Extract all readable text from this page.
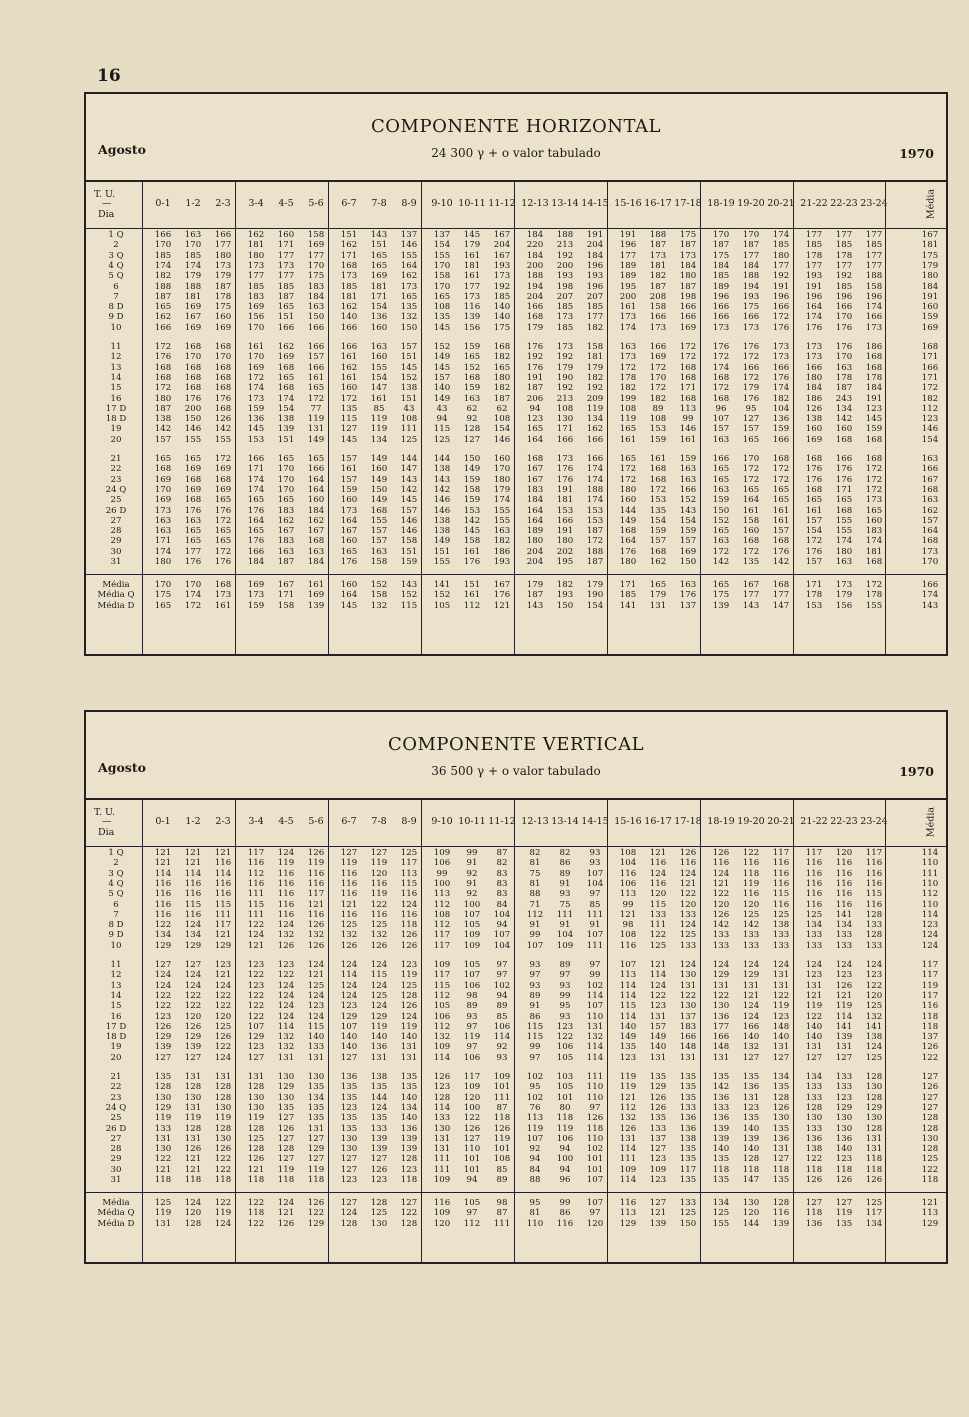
16
COMPONENTE HORIZONTAL
24 300 γ + o valor tabulado
Agosto	1970
T. U.
—
Dia
0-1	1-2	2-3	3-4	4-5	5-6	6-7	7-8	8-9	9-10 10-11 11-12 12-13 13-14 14-15 15-16 16-17 17-18 18-19 19-20 20-21 21-22 22-23 23-24	Média
1 Q	166	163	166	162	160	158	151	143	137	137	145	167	184	188	191	191	188	175	170	170	174	177	177	177	167
2	170	170	177	181	171	169	162	151	146	154	179	204	220	213	204	196	187	187	187	187	185	185	185	185	181
3 Q	185	185	180	180	177	177	171	165	155	155	161	167	184	192	184	177	173	173	175	177	180	178	178	177	175
4 Q	174	174	173	173	173	170	168	165	164	170	181	193	200	200	196	189	181	184	184	184	177	177	177	177	179
5 Q	182	179	179	177	177	175	173	169	162	158	161	173	188	193	193	189	182	180	185	188	192	193	192	188	180
6	188	188	187	185	185	183	185	181	173	170	177	192	194	198	196	195	187	187	189	194	191	191	185	158	184
7	187	181	178	183	187	184	181	171	165	165	173	185	204	207	207	200	208	198	196	193	196	196	196	196	191
8 D	165	169	175	169	165	163	162	154	135	108	116	140	166	185	185	161	158	166	166	175	166	164	166	174	160
9 D	162	167	160	156	151	150	140	136	132	135	139	140	168	173	177	173	166	166	166	166	172	174	170	166	159
10	166	169	169	170	166	166	166	160	150	145	156	175	179	185	182	174	173	169	173	173	176	176	176	173	169
11	172	168	168	161	162	166	166	163	157	152	159	168	176	173	158	163	166	172	176	176	173	173	176	186	168
12	176	170	170	170	169	157	161	160	151	149	165	182	192	192	181	173	169	172	172	172	173	173	170	168	171
13	168	168	168	169	168	166	162	155	145	145	152	165	176	179	179	172	172	168	174	166	166	166	163	168	166
14	168	168	168	172	165	161	161	154	152	157	168	180	191	190	182	178	170	168	168	172	176	180	178	178	171
15	172	168	168	174	168	165	160	147	138	140	159	182	187	192	192	182	172	171	172	179	174	184	187	184	172
16	180	176	176	173	174	172	172	161	151	149	163	187	206	213	209	199	182	168	168	176	182	186	243	191	182
17 D	187	200	168	159	154	77	135	85	43	43	62	62	94	108	119	108	89	113	96	95	104	126	134	123	112
18 D	138	150	126	136	138	119	115	119	108	94	92	108	123	130	134	119	108	99	107	127	136	138	142	145	123
19	142	146	142	145	139	131	127	119	111	115	128	154	165	171	162	165	153	146	157	157	159	160	160	159	146
20	157	155	155	153	151	149	145	134	125	125	127	146	164	166	166	161	159	161	163	165	166	169	168	168	154
21	165	165	172	166	165	165	157	149	144	144	150	160	168	173	166	165	161	159	166	170	168	168	166	168	163
22	168	169	169	171	170	166	161	160	147	138	149	170	167	176	174	172	168	163	165	172	172	176	176	172	166
23	169	168	168	174	170	164	157	149	143	143	159	180	167	176	174	172	168	163	165	172	172	176	176	172	167
24 Q	170	169	169	174	170	164	159	150	142	142	158	179	183	191	188	180	172	166	163	165	165	168	171	172	168
25	169	168	165	165	165	160	160	149	145	146	159	174	184	181	174	160	153	152	159	164	165	165	165	173	163
26 D	173	176	176	176	183	184	173	168	157	146	153	155	164	153	153	144	135	143	150	161	161	161	168	165	162
27	163	163	172	164	162	162	164	155	146	138	142	155	164	166	153	149	154	154	152	158	161	157	155	160	157
28	163	165	165	165	167	167	167	157	146	138	145	163	189	191	187	168	159	159	165	160	157	154	155	183	164
29	171	165	165	176	183	168	160	157	158	149	158	182	180	180	172	164	157	157	163	168	168	172	174	174	168
30	174	177	172	166	163	163	165	163	151	151	161	186	204	202	188	176	168	169	172	172	176	176	180	181	173
31	180	176	176	184	187	184	176	158	159	155	176	193	204	195	187	180	162	150	142	135	142	157	163	168	170
Média	170	170	168	169	167	161	160	152	143	141	151	167	179	182	179	171	165	163	165	167	168	171	173	172	166
Média Q	175	174	173	173	171	169	164	158	152	152	161	176	187	193	190	185	179	176	175	177	177	178	179	178	174
Média D	165	172	161	159	158	139	145	132	115	105	112	121	143	150	154	141	131	137	139	143	147	153	156	155	143
COMPONENTE VERTICAL
36 500 γ + o valor tabulado
Agosto	1970
T. U.
—
Dia
0-1	1-2	2-3	3-4	4-5	5-6	6-7	7-8	8-9	9-10 10-11 11-12 12-13 13-14 14-15 15-16 16-17 17-18 18-19 19-20 20-21 21-22 22-23 23-24	Média
1 Q	121	121	121	117	124	126	127	127	125	109	99	87	82	82	93	108	121	126	126	122	117	117	120	117	114
2	121	121	116	116	119	119	119	119	117	106	91	82	81	86	93	104	116	116	116	116	116	116	116	116	110
3 Q	114	114	114	112	116	116	116	120	113	99	92	83	75	89	107	116	124	124	124	118	116	116	116	116	111
4 Q	116	116	116	116	116	116	116	116	115	100	91	83	81	91	104	106	116	121	121	119	116	116	116	116	110
5 Q	116	116	116	111	116	117	116	119	116	113	92	83	88	93	97	113	120	122	122	116	115	116	116	115	112
6	116	115	115	115	116	121	121	122	124	112	100	84	71	75	85	99	115	120	120	120	116	116	116	116	110
7	116	116	111	111	116	116	116	116	116	108	107	104	112	111	111	121	133	133	126	125	125	125	141	128	114
8 D	122	124	117	122	124	126	125	125	118	112	105	94	91	91	91	98	111	124	142	142	138	134	134	133	123
9 D	134	134	121	124	132	132	132	132	126	117	109	107	99	104	107	108	122	125	133	133	133	133	133	128	124
10	129	129	129	121	126	126	126	126	126	117	109	104	107	109	111	116	125	133	133	133	133	133	133	133	124
11	127	127	123	123	123	124	124	124	123	109	105	97	93	89	97	107	121	124	124	124	124	124	124	124	117
12	124	124	121	122	122	121	114	115	119	117	107	97	97	97	99	113	114	130	129	129	131	123	123	123	117
13	124	124	124	123	124	125	124	124	125	115	106	102	93	93	102	114	124	131	131	131	131	131	126	122	119
14	122	122	122	122	124	124	124	125	128	112	98	94	89	99	114	114	122	122	122	121	122	121	121	120	117
15	122	122	122	122	124	123	123	124	126	105	89	89	91	95	107	115	123	130	130	124	119	119	119	125	116
16	123	120	120	122	124	124	129	129	124	106	93	85	86	93	110	114	131	137	136	124	123	122	114	132	118
17 D	126	126	125	107	114	115	107	119	119	112	97	106	115	123	131	140	157	183	177	166	148	140	141	141	118
18 D	129	129	126	129	132	140	140	140	140	132	119	114	115	122	132	149	149	166	166	140	140	140	139	138	137
19	139	139	122	123	132	133	140	136	131	109	97	92	99	106	114	135	140	148	148	132	131	131	131	124	126
20	127	127	124	127	131	131	127	131	131	114	106	93	97	105	114	123	131	131	131	127	127	127	127	125	122
21	135	131	131	131	130	130	136	138	135	126	117	109	102	103	111	119	135	135	135	135	134	134	133	128	127
22	128	128	128	128	129	135	135	135	135	123	109	101	95	105	110	119	129	135	142	136	135	133	133	130	126
23	130	130	128	130	130	134	135	144	140	128	120	111	102	101	110	121	126	135	136	131	128	133	123	128	127
24 Q	129	131	130	130	135	135	123	124	134	114	100	87	76	80	97	112	126	133	133	123	126	128	129	129	127
25	119	119	119	119	127	135	135	135	140	133	122	118	113	118	126	132	135	136	136	135	130	130	130	130	128
26 D	133	128	128	128	126	131	135	133	136	130	126	126	119	119	118	126	133	136	139	140	135	133	130	128	128
27	131	131	130	125	127	127	130	139	139	131	127	119	107	106	110	131	137	138	139	139	136	136	136	131	130
28	130	126	126	128	128	129	130	139	139	131	110	101	92	94	102	114	127	135	140	140	131	138	140	131	128
29	122	121	122	126	127	127	127	127	128	111	101	108	94	100	101	111	123	135	135	128	127	122	123	118	125
30	121	121	122	121	119	119	127	126	123	111	101	85	84	94	101	109	109	117	118	118	118	118	118	118	122
31	118	118	118	118	118	118	123	123	118	109	94	89	88	96	107	114	123	135	135	147	135	126	126	126	118
Média	125	124	122	122	124	126	127	128	127	116	105	98	95	99	107	116	127	133	134	130	128	127	127	125	121
Média Q	119	120	119	118	121	122	124	125	122	109	97	87	81	86	97	113	121	125	125	120	116	118	119	117	113
Média D	131	128	124	122	126	129	128	130	128	120	112	111	110	116	120	129	139	150	155	144	139	136	135	134	129
